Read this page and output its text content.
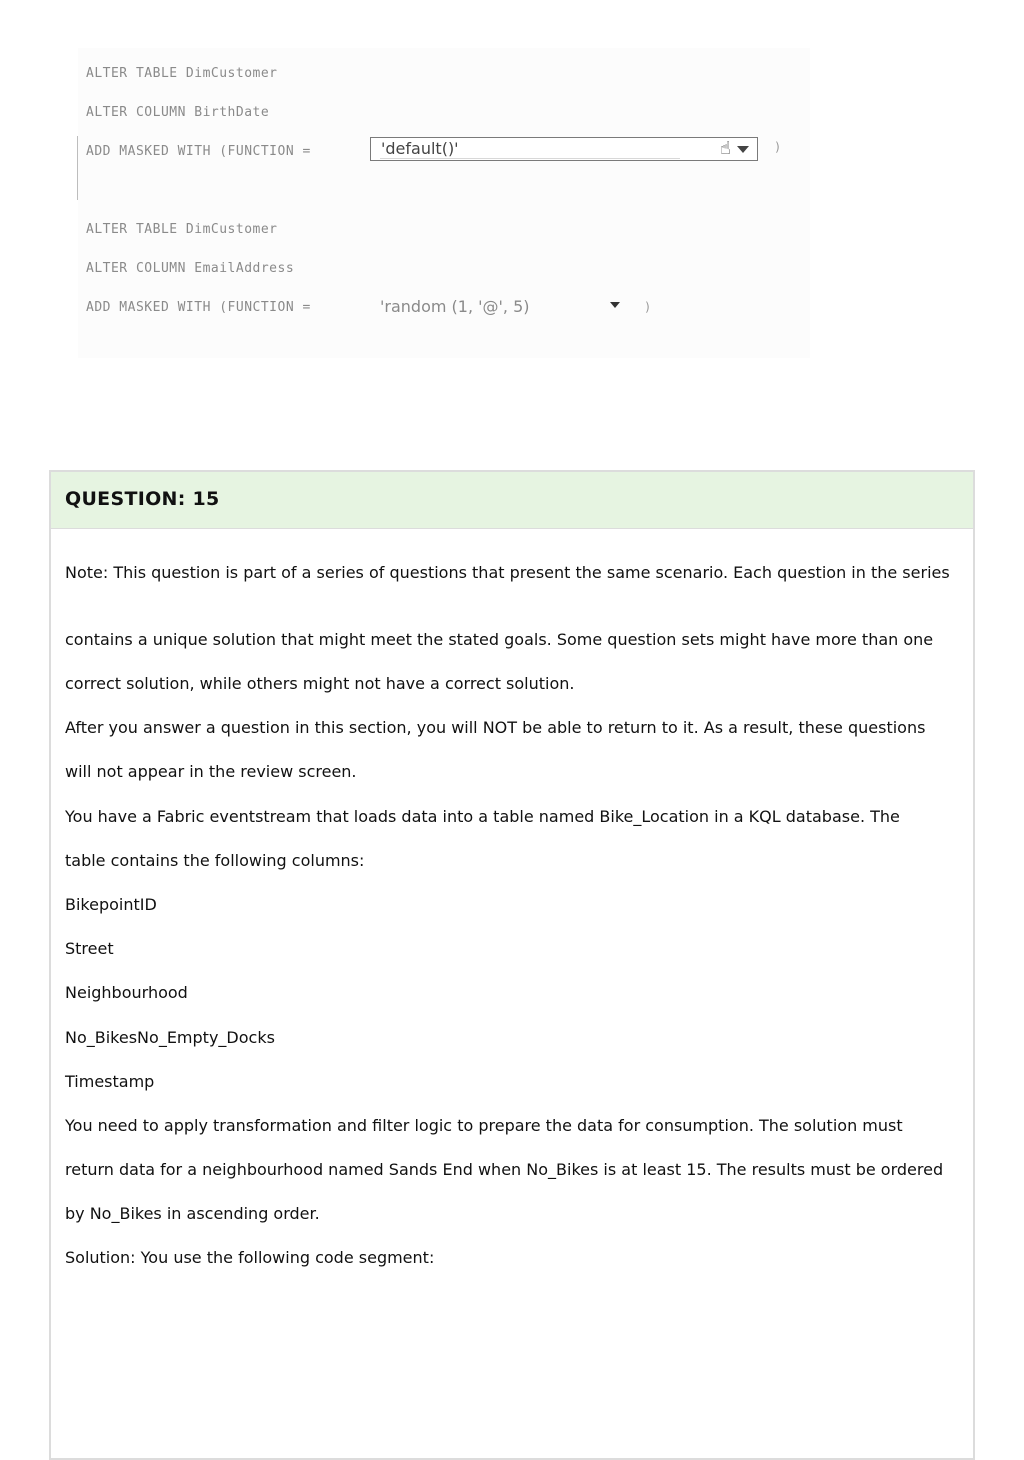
ALTER TABLE DimCustomer
ALTER COLUMN BirthDate
ADD MASKED WITH (FUNCTION =	'default()'	☝	)
ALTER TABLE DimCustomer
ALTER COLUMN EmailAddress
ADD MASKED WITH (FUNCTION =	'random (1, '@', 5)	)
QUESTION: 15

Note: This question is part of a series of questions that present the same scenario. Each question in the series

contains a unique solution that might meet the stated goals. Some question sets might have more than one

correct solution, while others might not have a correct solution.

After you answer a question in this section, you will NOT be able to return to it. As a result, these questions

will not appear in the review screen.

You have a Fabric eventstream that loads data into a table named Bike_Location in a KQL database. The

table contains the following columns:

BikepointID

Street

Neighbourhood

No_BikesNo_Empty_Docks

Timestamp

You need to apply transformation and filter logic to prepare the data for consumption. The solution must

return data for a neighbourhood named Sands End when No_Bikes is at least 15. The results must be ordered

by No_Bikes in ascending order.

Solution: You use the following code segment:
